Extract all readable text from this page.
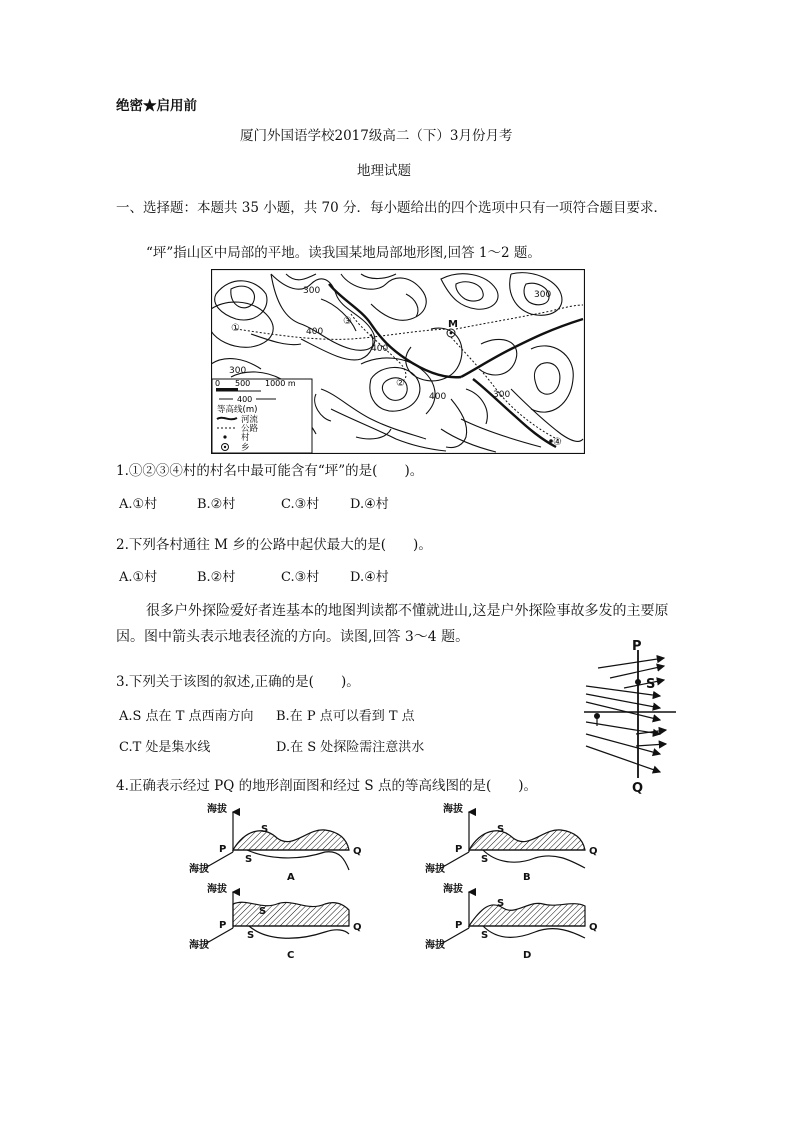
绝密★启用前
厦门外国语学校2017级高二（下）3月份月考
地理试题
一、选择题：本题共 35 小题，共 70 分．每小题给出的四个选项中只有一项符合题目要求．
“坪”指山区中局部的平地。读我国某地局部地形图,回答 1～2 题。
300	300
400
400
400	300
300
①
②
③
④
M
0 500 1000 m
400
等高线(m)
河流
公路
村
乡
1.①②③④村的村名中最可能含有“坪”的是(　　)。
A.①村	B.②村	C.③村 D.④村
2.下列各村通往 M 乡的公路中起伏最大的是(　　)。
A.①村	B.②村	C.③村 D.④村
很多户外探险爱好者连基本的地图判读都不懂就进山,这是户外探险事故多发的主要原
因。图中箭头表示地表径流的方向。读图,回答 3～4 题。
3.下列关于该图的叙述,正确的是(　　)。
A.S 点在 T 点西南方向 B.在 P 点可以看到 T 点
C.T 处是集水线	D.在 S 处探险需注意洪水
P
S
Q
T
4.正确表示经过 PQ 的地形剖面图和经过 S 点的等高线图的是(　　)。
海拔
海拔
P	Q
S
S
A
海拔
海拔
P	Q
S
S
B
海拔
海拔
P	Q
S
S
C
海拔
海拔
P	Q
S
S
D
